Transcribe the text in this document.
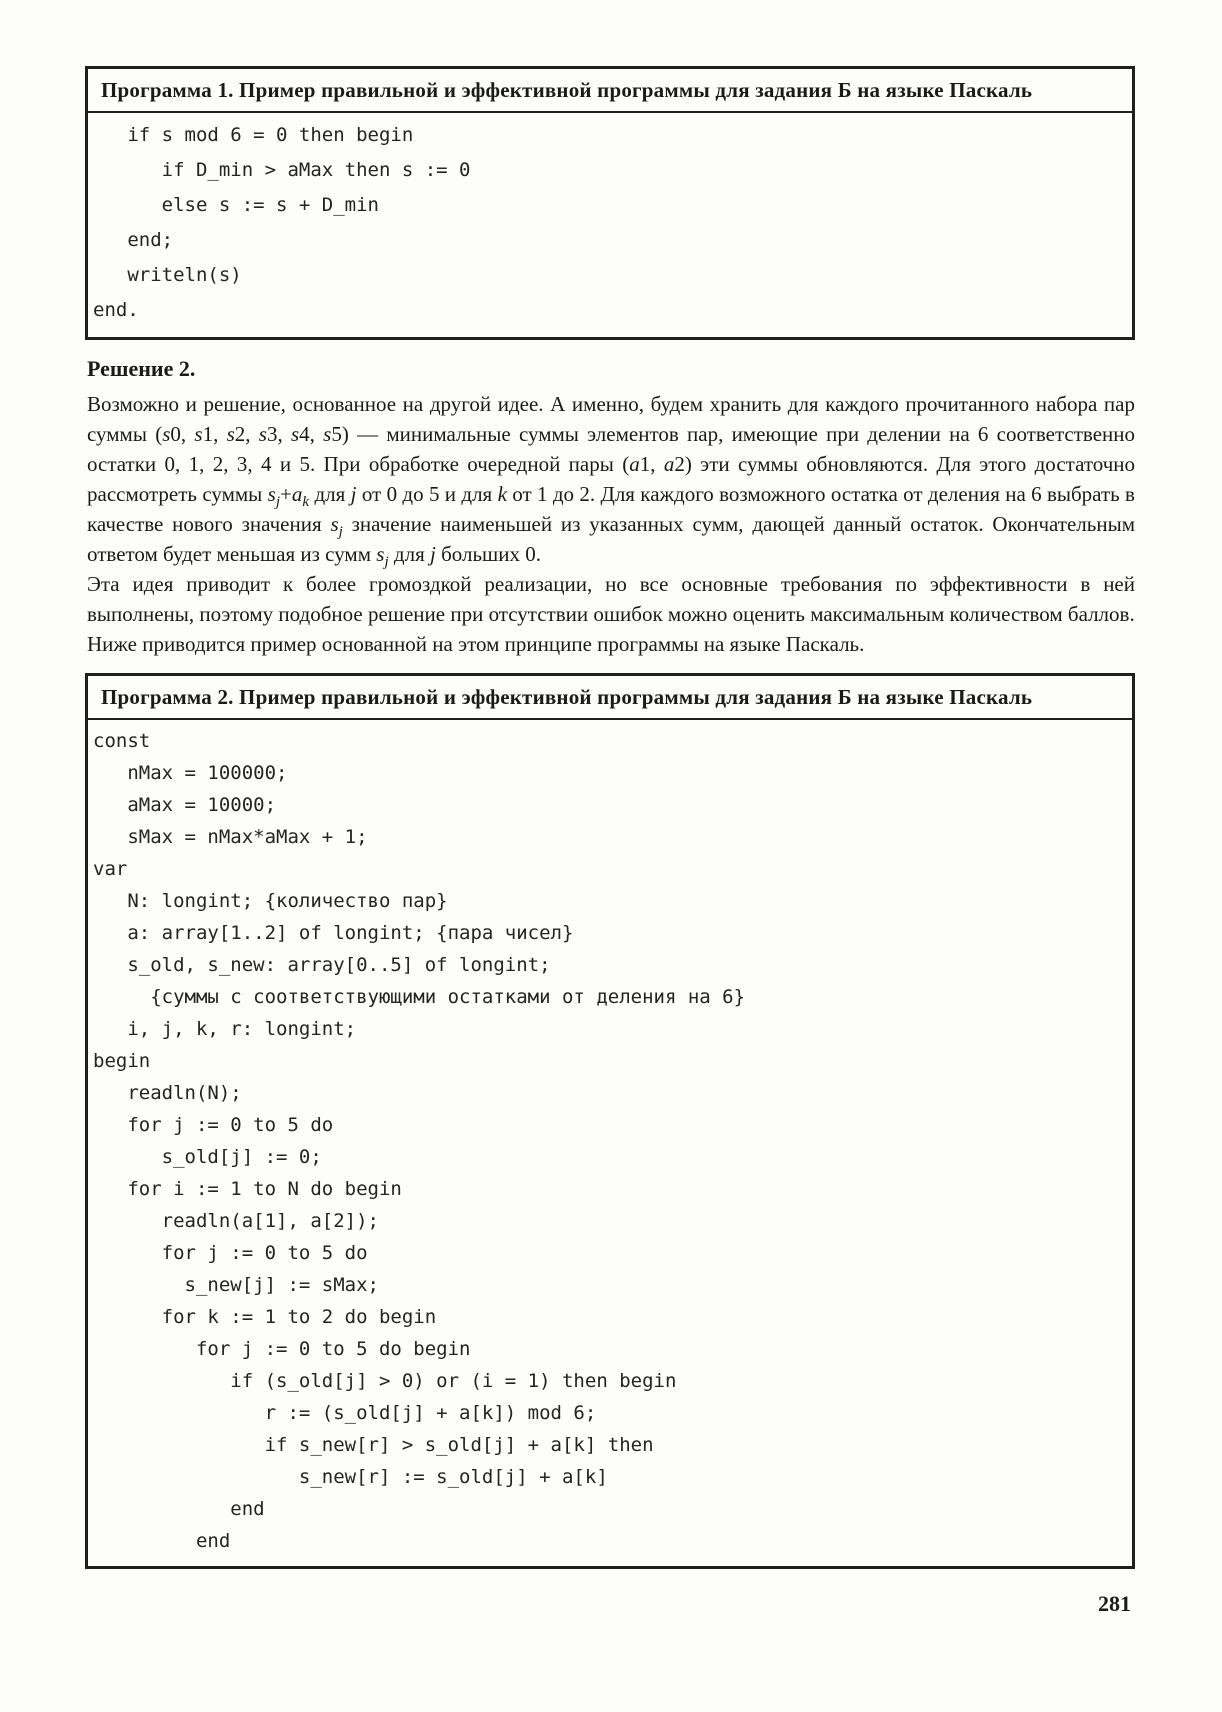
Программа 1. Пример правильной и эффективной программы для задания Б на языке Паскаль
if s mod 6 = 0 then begin
if D_min > aMax then s := 0
else s := s + D_min
end;
writeln(s)
end.
Решение 2.

Возможно и решение, основанное на другой идее. А именно, будем хранить для каждого прочитанного набора пар суммы (s0, s1, s2, s3, s4, s5) — минимальные суммы элементов пар, имеющие при делении на 6 соответственно остатки 0, 1, 2, 3, 4 и 5. При обработке очередной пары (a1, a2) эти суммы обновляются. Для этого достаточно рассмотреть суммы $s_j+a_k$ для j от 0 до 5 и для k от 1 до 2. Для каждого возможного остатка от деления на 6 выбрать в качестве нового значения $s_j$ значение наименьшей из указанных сумм, дающей данный остаток. Окончательным ответом будет меньшая из сумм $s_j$ для j больших 0.

Эта идея приводит к более громоздкой реализации, но все основные требования по эффективности в ней выполнены, поэтому подобное решение при отсутствии ошибок можно оценить максимальным количеством баллов.

Ниже приводится пример основанной на этом принципе программы на языке Паскаль.

Программа 2. Пример правильной и эффективной программы для задания Б на языке Паскаль
const
nMax = 100000;
aMax = 10000;
sMax = nMax*aMax + 1;
var
N: longint; {количество пар}
a: array[1..2] of longint; {пара чисел}
s_old, s_new: array[0..5] of longint;
{суммы с соответствующими остатками от деления на 6}
i, j, k, r: longint;
begin
readln(N);
for j := 0 to 5 do
s_old[j] := 0;
for i := 1 to N do begin
readln(a[1], a[2]);
for j := 0 to 5 do
s_new[j] := sMax;
for k := 1 to 2 do begin
for j := 0 to 5 do begin
if (s_old[j] > 0) or (i = 1) then begin
r := (s_old[j] + a[k]) mod 6;
if s_new[r] > s_old[j] + a[k] then
s_new[r] := s_old[j] + a[k]
end
end
281
